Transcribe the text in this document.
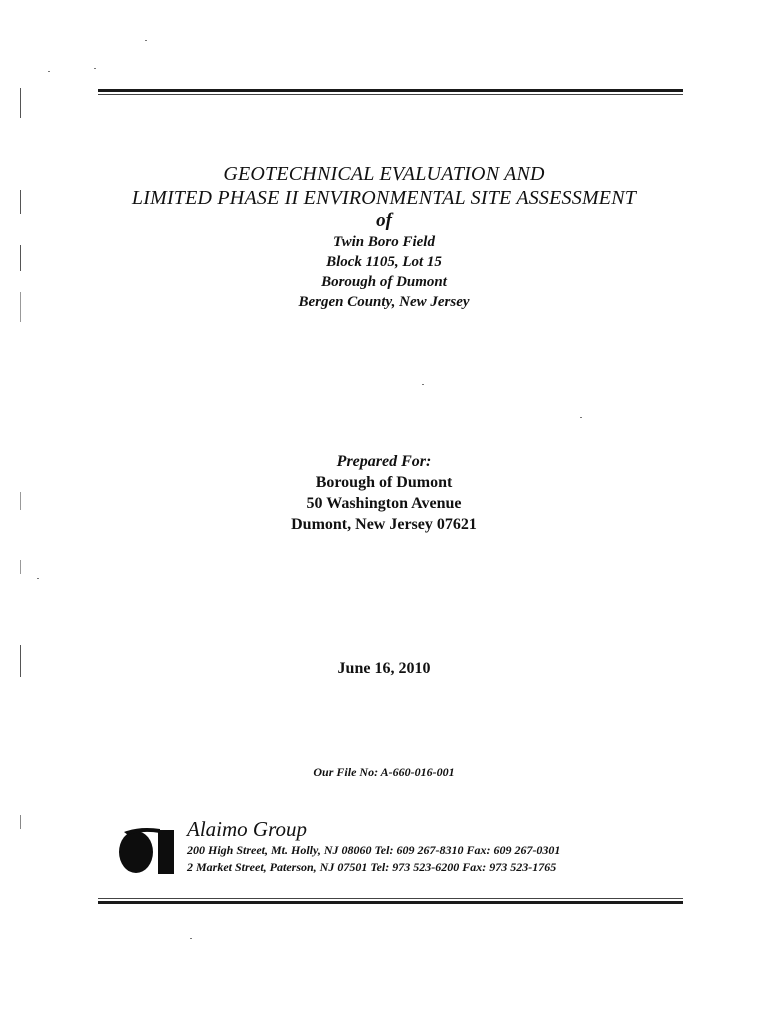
GEOTECHNICAL EVALUATION AND
LIMITED PHASE II ENVIRONMENTAL SITE ASSESSMENT
of
Twin Boro Field
Block 1105, Lot 15
Borough of Dumont
Bergen County, New Jersey
Prepared For:
Borough of Dumont
50 Washington Avenue
Dumont, New Jersey 07621
June 16, 2010
Our File No: A-660-016-001
Alaimo Group
200 High Street, Mt. Holly, NJ 08060 Tel: 609 267-8310 Fax: 609 267-0301
2 Market Street, Paterson, NJ 07501 Tel: 973 523-6200 Fax: 973 523-1765
